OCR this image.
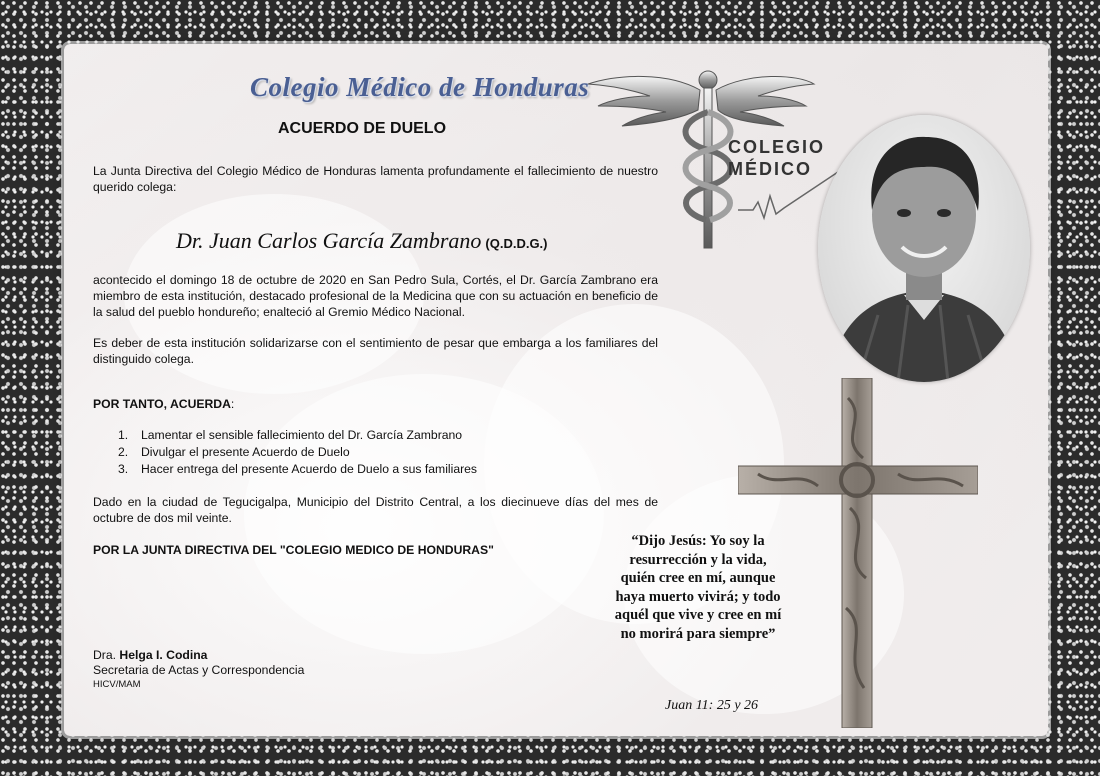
Colegio Médico de Honduras
ACUERDO DE DUELO
COLEGIO
MÉDICO
La Junta Directiva del Colegio Médico de Honduras lamenta profundamente el fallecimiento de nuestro querido colega:
Dr. Juan Carlos García Zambrano (Q.D.D.G.)
acontecido el domingo 18 de octubre de 2020 en San Pedro Sula, Cortés, el Dr. García Zambrano era miembro de esta institución, destacado profesional de la Medicina que con su actuación en beneficio de la salud del pueblo hondureño; enalteció al Gremio Médico Nacional.
Es deber de esta institución solidarizarse con el sentimiento de pesar que embarga a los familiares del distinguido colega.
POR TANTO, ACUERDA:
1. Lamentar el sensible fallecimiento del Dr. García Zambrano
2. Divulgar el presente Acuerdo de Duelo
3. Hacer entrega del presente Acuerdo de Duelo a sus familiares
Dado en la ciudad de Tegucigalpa, Municipio del Distrito Central, a los diecinueve días del mes de octubre de dos mil veinte.
POR LA JUNTA DIRECTIVA DEL "COLEGIO MEDICO DE HONDURAS"
Dra. Helga I. Codina
Secretaria de Actas y Correspondencia
HICV/MAM
“Dijo Jesús: Yo soy la resurrección y la vida, quién cree en mí, aunque haya muerto vivirá; y todo aquél que vive y cree en mí no morirá para siempre”
Juan 11: 25 y 26
